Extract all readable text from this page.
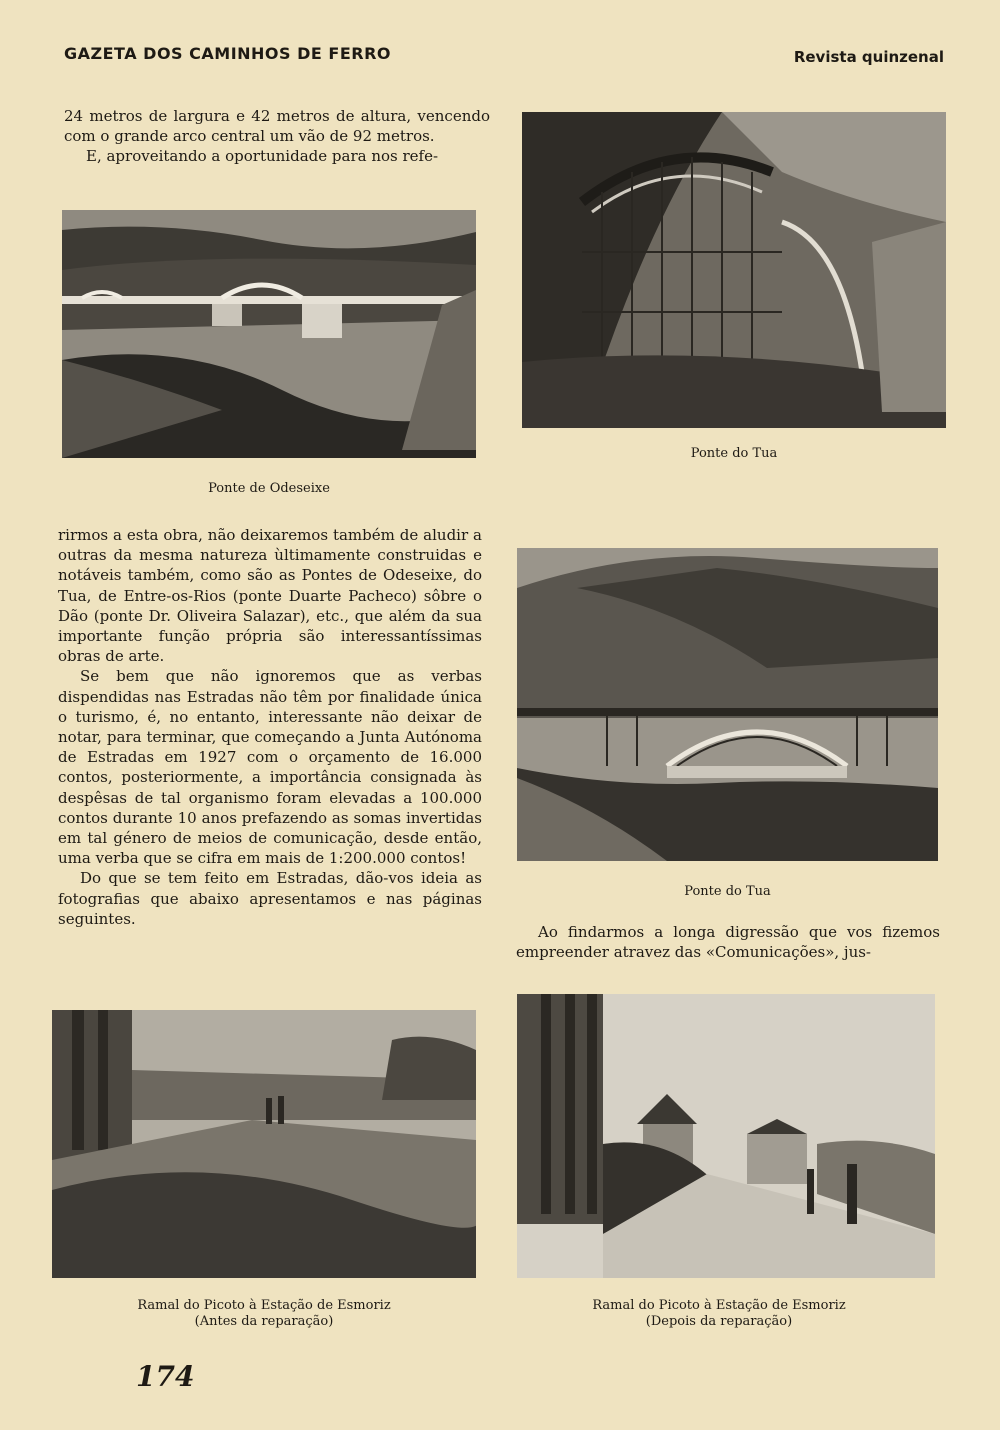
GAZETA DOS CAMINHOS DE FERRO	Revista quinzenal

24 metros de largura e 42 metros de altura, vencendo com o grande arco central um vão de 92 metros.

E, aproveitando a oportunidade para nos refe-

Ponte de Odeseixe

rirmos a esta obra, não deixaremos também de aludir a outras da mesma natureza ùltimamente construidas e notáveis também, como são as Pontes de Odeseixe, do Tua, de Entre-os-Rios (ponte Duarte Pacheco) sôbre o Dão (ponte Dr. Oliveira Salazar), etc., que além da sua importante função própria são interessantíssimas obras de arte.

Se bem que não ignoremos que as verbas dispendidas nas Estradas não têm por finalidade única o turismo, é, no entanto, interessante não deixar de notar, para terminar, que começando a Junta Autónoma de Estradas em 1927 com o orçamento de 16.000 contos, posteriormente, a importância consignada às despêsas de tal organismo foram elevadas a 100.000 contos durante 10 anos prefazendo as somas invertidas em tal género de meios de comunicação, desde então, uma verba que se cifra em mais de 1:200.000 contos!

Do que se tem feito em Estradas, dão-vos ideia as fotografias que abaixo apresentamos e nas páginas seguintes.

Ponte do Tua
Ponte do Tua

Ao findarmos a longa digressão que vos fizemos empreender atravez das «Comunicações», jus-

Ramal do Picoto à Estação de Esmoriz
(Antes da reparação)
Ramal do Picoto à Estação de Esmoriz
(Depois da reparação)
174
